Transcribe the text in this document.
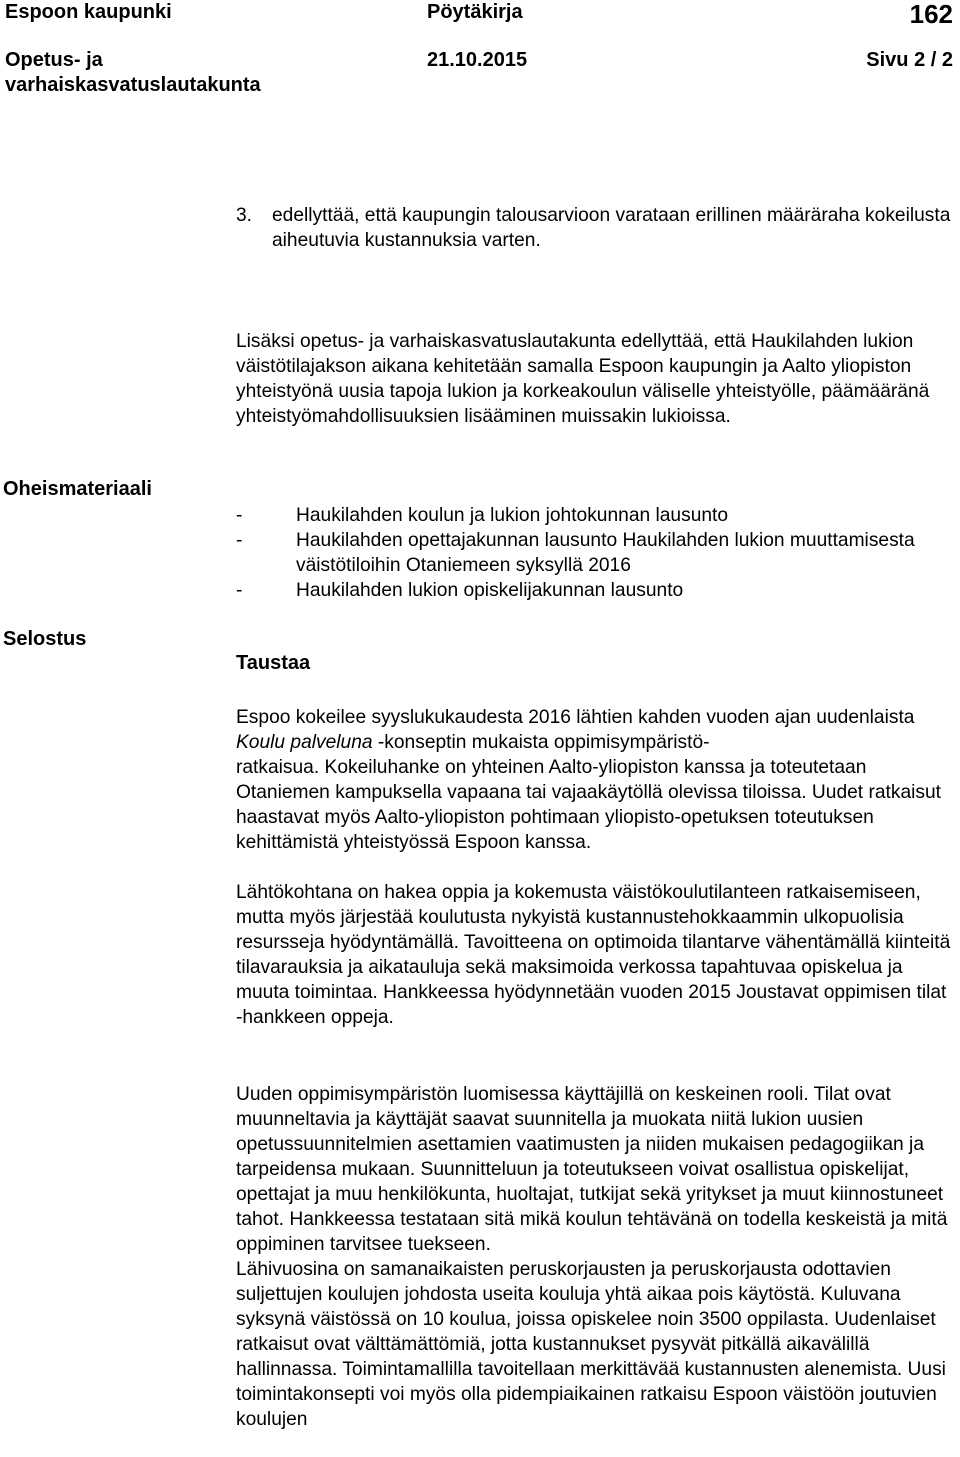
Espoon kaupunki	Pöytäkirja	162
Opetus- ja
varhaiskasvatuslautakunta
21.10.2015	Sivu 2 / 2
3. edellyttää, että kaupungin talousarvioon varataan erillinen määräraha kokeilusta aiheutuvia kustannuksia varten.

Lisäksi opetus- ja varhaiskasvatuslautakunta edellyttää, että Haukilahden lukion väistötilajakson aikana kehitetään samalla Espoon kaupungin ja Aalto yliopiston yhteistyönä uusia tapoja lukion ja korkeakoulun väliselle yhteistyölle, päämääränä yhteistyömahdollisuuksien lisääminen muissakin lukioissa.

Oheismateriaali
-	Haukilahden koulun ja lukion johtokunnan lausunto
-	Haukilahden opettajakunnan lausunto Haukilahden lukion muuttamisesta väistötiloihin Otaniemeen syksyllä 2016
-	Haukilahden lukion opiskelijakunnan lausunto
Selostus
Taustaa

Espoo kokeilee syyslukukaudesta 2016 lähtien kahden vuoden ajan uudenlaista Koulu palveluna -konseptin mukaista oppimisympäristö-
ratkaisua. Kokeiluhanke on yhteinen Aalto-yliopiston kanssa ja toteutetaan Otaniemen kampuksella vapaana tai vajaakäytöllä olevissa tiloissa. Uudet ratkaisut haastavat myös Aalto-yliopiston pohtimaan yliopisto-opetuksen toteutuksen kehittämistä yhteistyössä Espoon kanssa.

Lähtökohtana on hakea oppia ja kokemusta väistökoulutilanteen ratkaisemiseen, mutta myös järjestää koulutusta nykyistä kustannustehokkaammin ulkopuolisia resursseja hyödyntämällä. Tavoitteena on optimoida tilantarve vähentämällä kiinteitä tilavarauksia ja aikatauluja sekä maksimoida verkossa tapahtuvaa opiskelua ja muuta toimintaa. Hankkeessa hyödynnetään vuoden 2015 Joustavat oppimisen tilat -hankkeen oppeja.

Uuden oppimisympäristön luomisessa käyttäjillä on keskeinen rooli. Tilat ovat muunneltavia ja käyttäjät saavat suunnitella ja muokata niitä lukion uusien opetussuunnitelmien asettamien vaatimusten ja niiden mukaisen pedagogiikan ja tarpeidensa mukaan. Suunnitteluun ja toteutukseen voivat osallistua opiskelijat, opettajat ja muu henkilökunta, huoltajat, tutkijat sekä yritykset ja muut kiinnostuneet tahot. Hankkeessa testataan sitä mikä koulun tehtävänä on todella keskeistä ja mitä oppiminen tarvitsee tuekseen.
Lähivuosina on samanaikaisten peruskorjausten ja peruskorjausta odottavien suljettujen koulujen johdosta useita kouluja yhtä aikaa pois käytöstä. Kuluvana syksynä väistössä on 10 koulua, joissa opiskelee noin 3500 oppilasta. Uudenlaiset ratkaisut ovat välttämättömiä, jotta kustannukset pysyvät pitkällä aikavälillä hallinnassa. Toimintamallilla tavoitellaan merkittävää kustannusten alenemista. Uusi toimintakonsepti voi myös olla pidempiaikainen ratkaisu Espoon väistöön joutuvien koulujen
